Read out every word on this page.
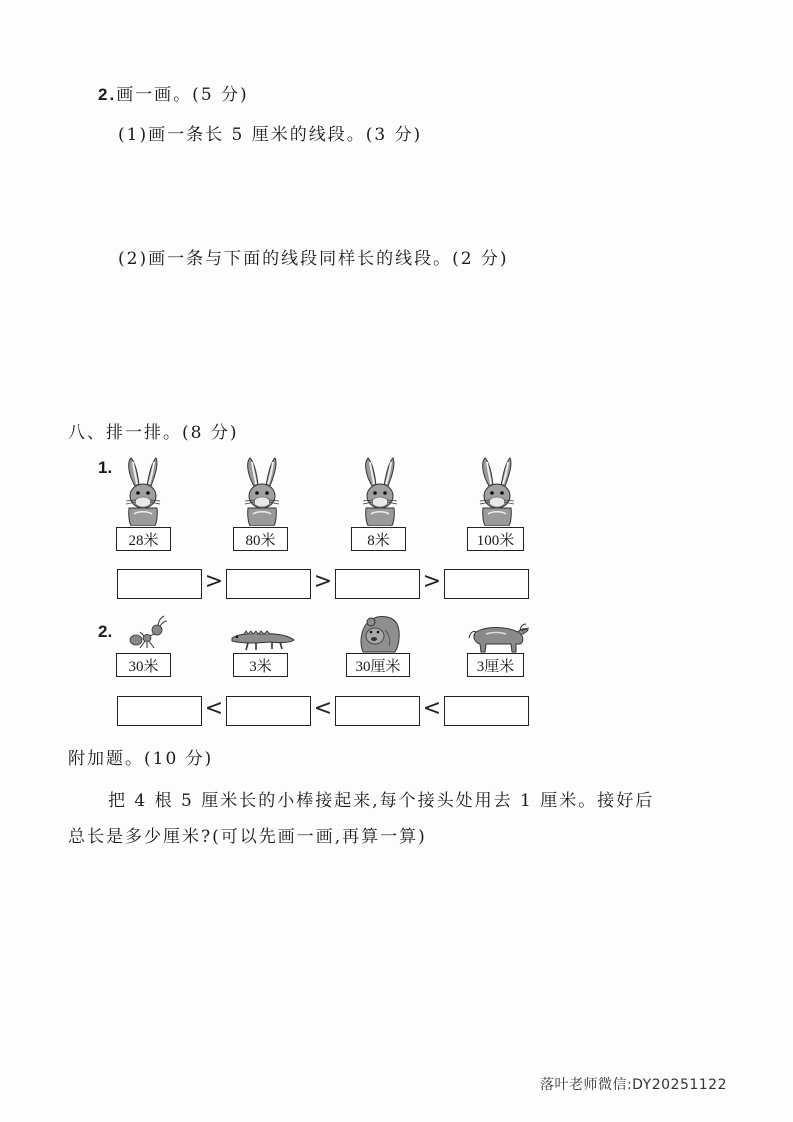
2.画一画。(5 分)
(1)画一条长 5 厘米的线段。(3 分)
(2)画一条与下面的线段同样长的线段。(2 分)
八、排一排。(8 分)
1.
28米	80米	8米	100米
>	>	>
2.
30米	3米	30厘米	3厘米
<	<	<
附加题。(10 分)
把 4 根 5 厘米长的小棒接起来,每个接头处用去 1 厘米。接好后
总长是多少厘米?(可以先画一画,再算一算)
落叶老师微信:DY20251122
